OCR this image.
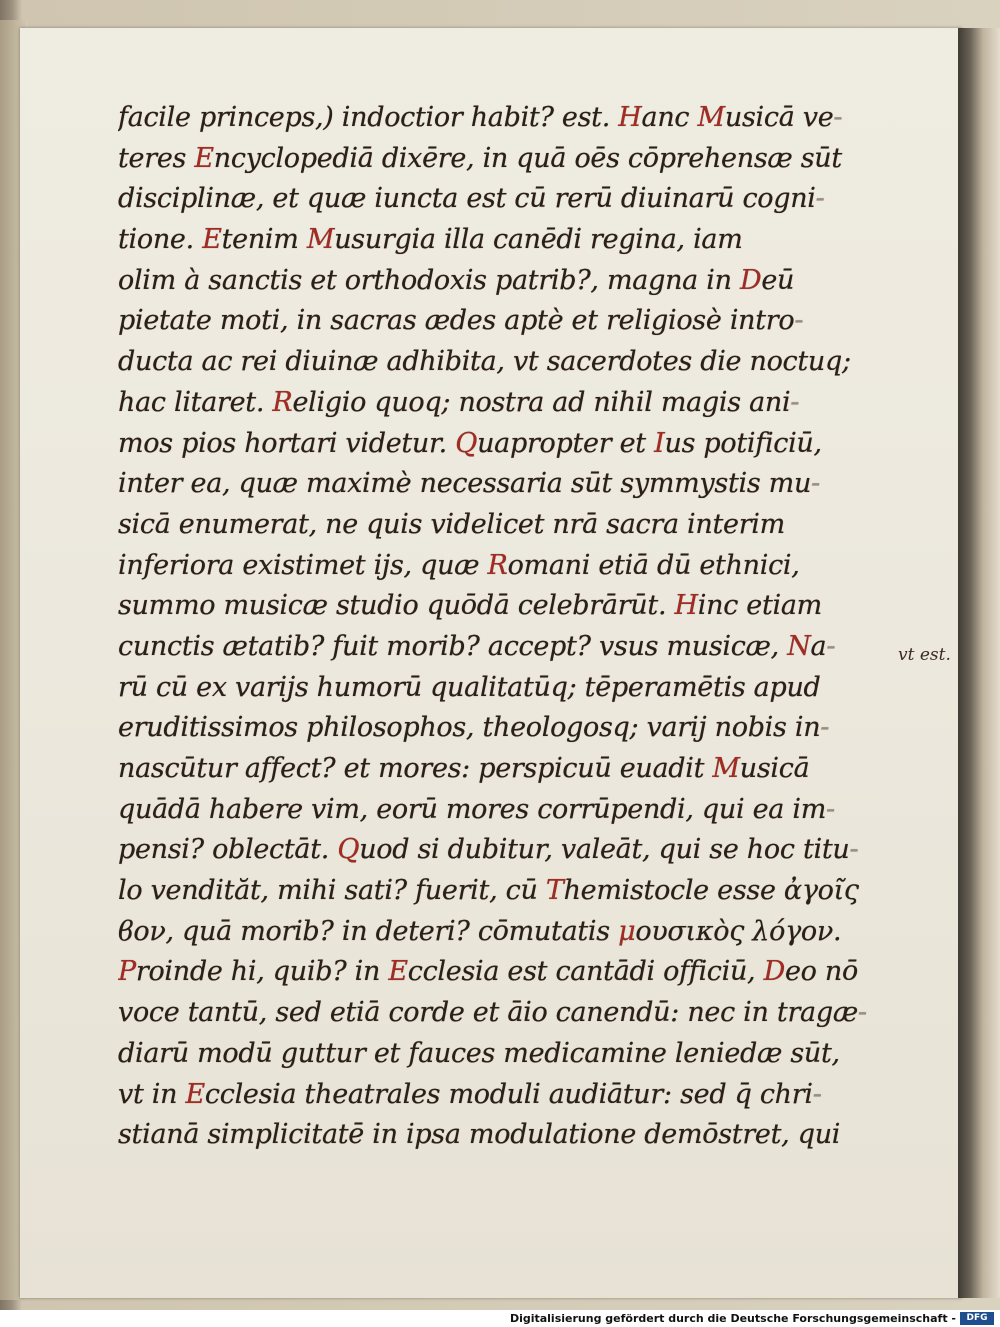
facile princeps,) indoctior habit? est. Hanc Musicā ve-
teres Encyclopediā dixēre, in quā oēs cōprehensæ sūt
disciplinæ, et quæ iuncta est cū rerū diuinarū cogni-
tione. Etenim Musurgia illa canēdi regina, iam
olim à sanctis et orthodoxis patrib?, magna in Deū
pietate moti, in sacras ædes aptè et religiosè intro-
ducta ac rei diuinæ adhibita, vt sacerdotes die noctuq;
hac litaret. Religio quoq; nostra ad nihil magis ani-
mos pios hortari videtur. Quapropter et Ius potificiū,
inter ea, quæ maximè necessaria sūt symmystis mu-
sicā enumerat, ne quis videlicet nrā sacra interim
inferiora existimet ijs, quæ Romani etiā dū ethnici,
summo musicæ studio quōdā celebrārūt. Hinc etiam
cunctis ætatib? fuit morib? accept? vsus musicæ, Na-
rū cū ex varijs humorū qualitatūq; tēperamētis apud
eruditissimos philosophos, theologosq; varij nobis in-
nascūtur affect? et mores: perspicuū euadit Musicā
quādā habere vim, eorū mores corrūpendi, qui ea im-
pensi? oblectāt. Quod si dubitur, valeāt, qui se hoc titu-
lo vendităt, mihi sati? fuerit, cū Themistocle esse ἀγοῖς
ϐον, quā morib? in deteri? cōmutatis μουσικὸς λόγον.
Proinde hi, quib? in Ecclesia est cantādi officiū, Deo nō
voce tantū, sed etiā corde et āio canendū: nec in tragæ-
diarū modū guttur et fauces medicamine leniedæ sūt,
vt in Ecclesia theatrales moduli audiātur: sed q̄ chri-
stianā simplicitatē in ipsa modulatione demōstret, qui
vt est.
Digitalisierung gefördert durch die Deutsche Forschungsgemeinschaft -	DFG
